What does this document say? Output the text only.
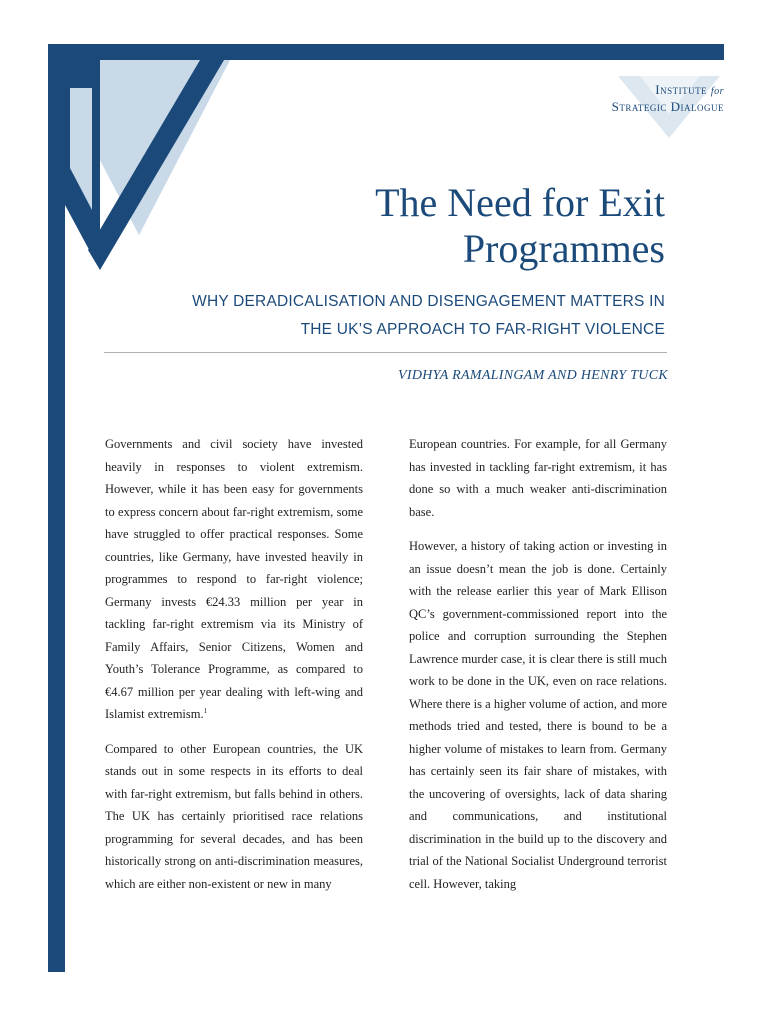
Institute for
Strategic Dialogue
The Need for Exit
Programmes
WHY DERADICALISATION AND DISENGAGEMENT MATTERS IN
THE UK’S APPROACH TO FAR-RIGHT VIOLENCE
VIDHYA RAMALINGAM AND HENRY TUCK

Governments and civil society have invested heavily in responses to violent extremism. However, while it has been easy for governments to express concern about far-right extremism, some have struggled to offer practical responses. Some countries, like Germany, have invested heavily in programmes to respond to far-right violence; Germany invests €24.33 million per year in tackling far-right extremism via its Ministry of Family Affairs, Senior Citizens, Women and Youth’s Tolerance Programme, as compared to €4.67 million per year dealing with left-wing and Islamist extremism.$^1$

Compared to other European countries, the UK stands out in some respects in its efforts to deal with far-right extremism, but falls behind in others. The UK has certainly prioritised race relations programming for several decades, and has been historically strong on anti-discrimination measures, which are either non-existent or new in many

European countries. For example, for all Germany has invested in tackling far-right extremism, it has done so with a much weaker anti-discrimination base.

However, a history of taking action or investing in an issue doesn’t mean the job is done. Certainly with the release earlier this year of Mark Ellison QC’s government-commissioned report into the police and corruption surrounding the Stephen Lawrence murder case, it is clear there is still much work to be done in the UK, even on race relations. Where there is a higher volume of action, and more methods tried and tested, there is bound to be a higher volume of mistakes to learn from. Germany has certainly seen its fair share of mistakes, with the uncovering of oversights, lack of data sharing and communications, and institutional discrimination in the build up to the discovery and trial of the National Socialist Underground terrorist cell. However, taking
